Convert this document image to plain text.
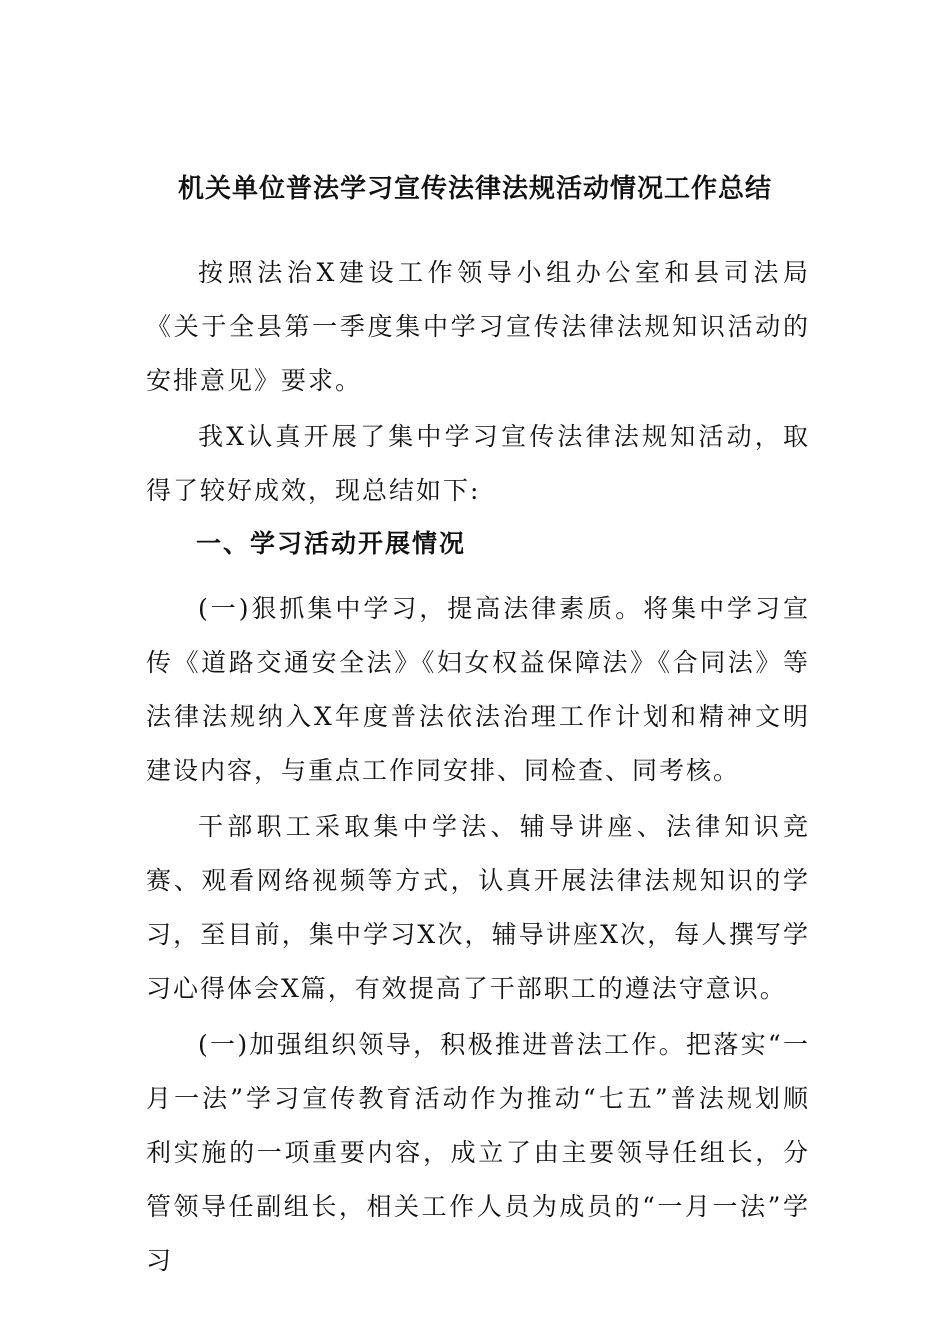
机关单位普法学习宣传法律法规活动情况工作总结

按照法治X建设工作领导小组办公室和县司法局《关于全县第一季度集中学习宣传法律法规知识活动的安排意见》要求。

我X认真开展了集中学习宣传法律法规知活动，取得了较好成效，现总结如下:

一、学习活动开展情况

(一)狠抓集中学习，提高法律素质。将集中学习宣传《道路交通安全法》《妇女权益保障法》《合同法》等法律法规纳入X年度普法依法治理工作计划和精神文明建设内容，与重点工作同安排、同检查、同考核。

干部职工采取集中学法、辅导讲座、法律知识竞赛、观看网络视频等方式，认真开展法律法规知识的学习，至目前，集中学习X次，辅导讲座X次，每人撰写学习心得体会X篇，有效提高了干部职工的遵法守意识。

(一)加强组织领导，积极推进普法工作。把落实“一月一法”学习宣传教育活动作为推动“七五”普法规划顺利实施的一项重要内容，成立了由主要领导任组长，分管领导任副组长，相关工作人员为成员的“一月一法”学习
